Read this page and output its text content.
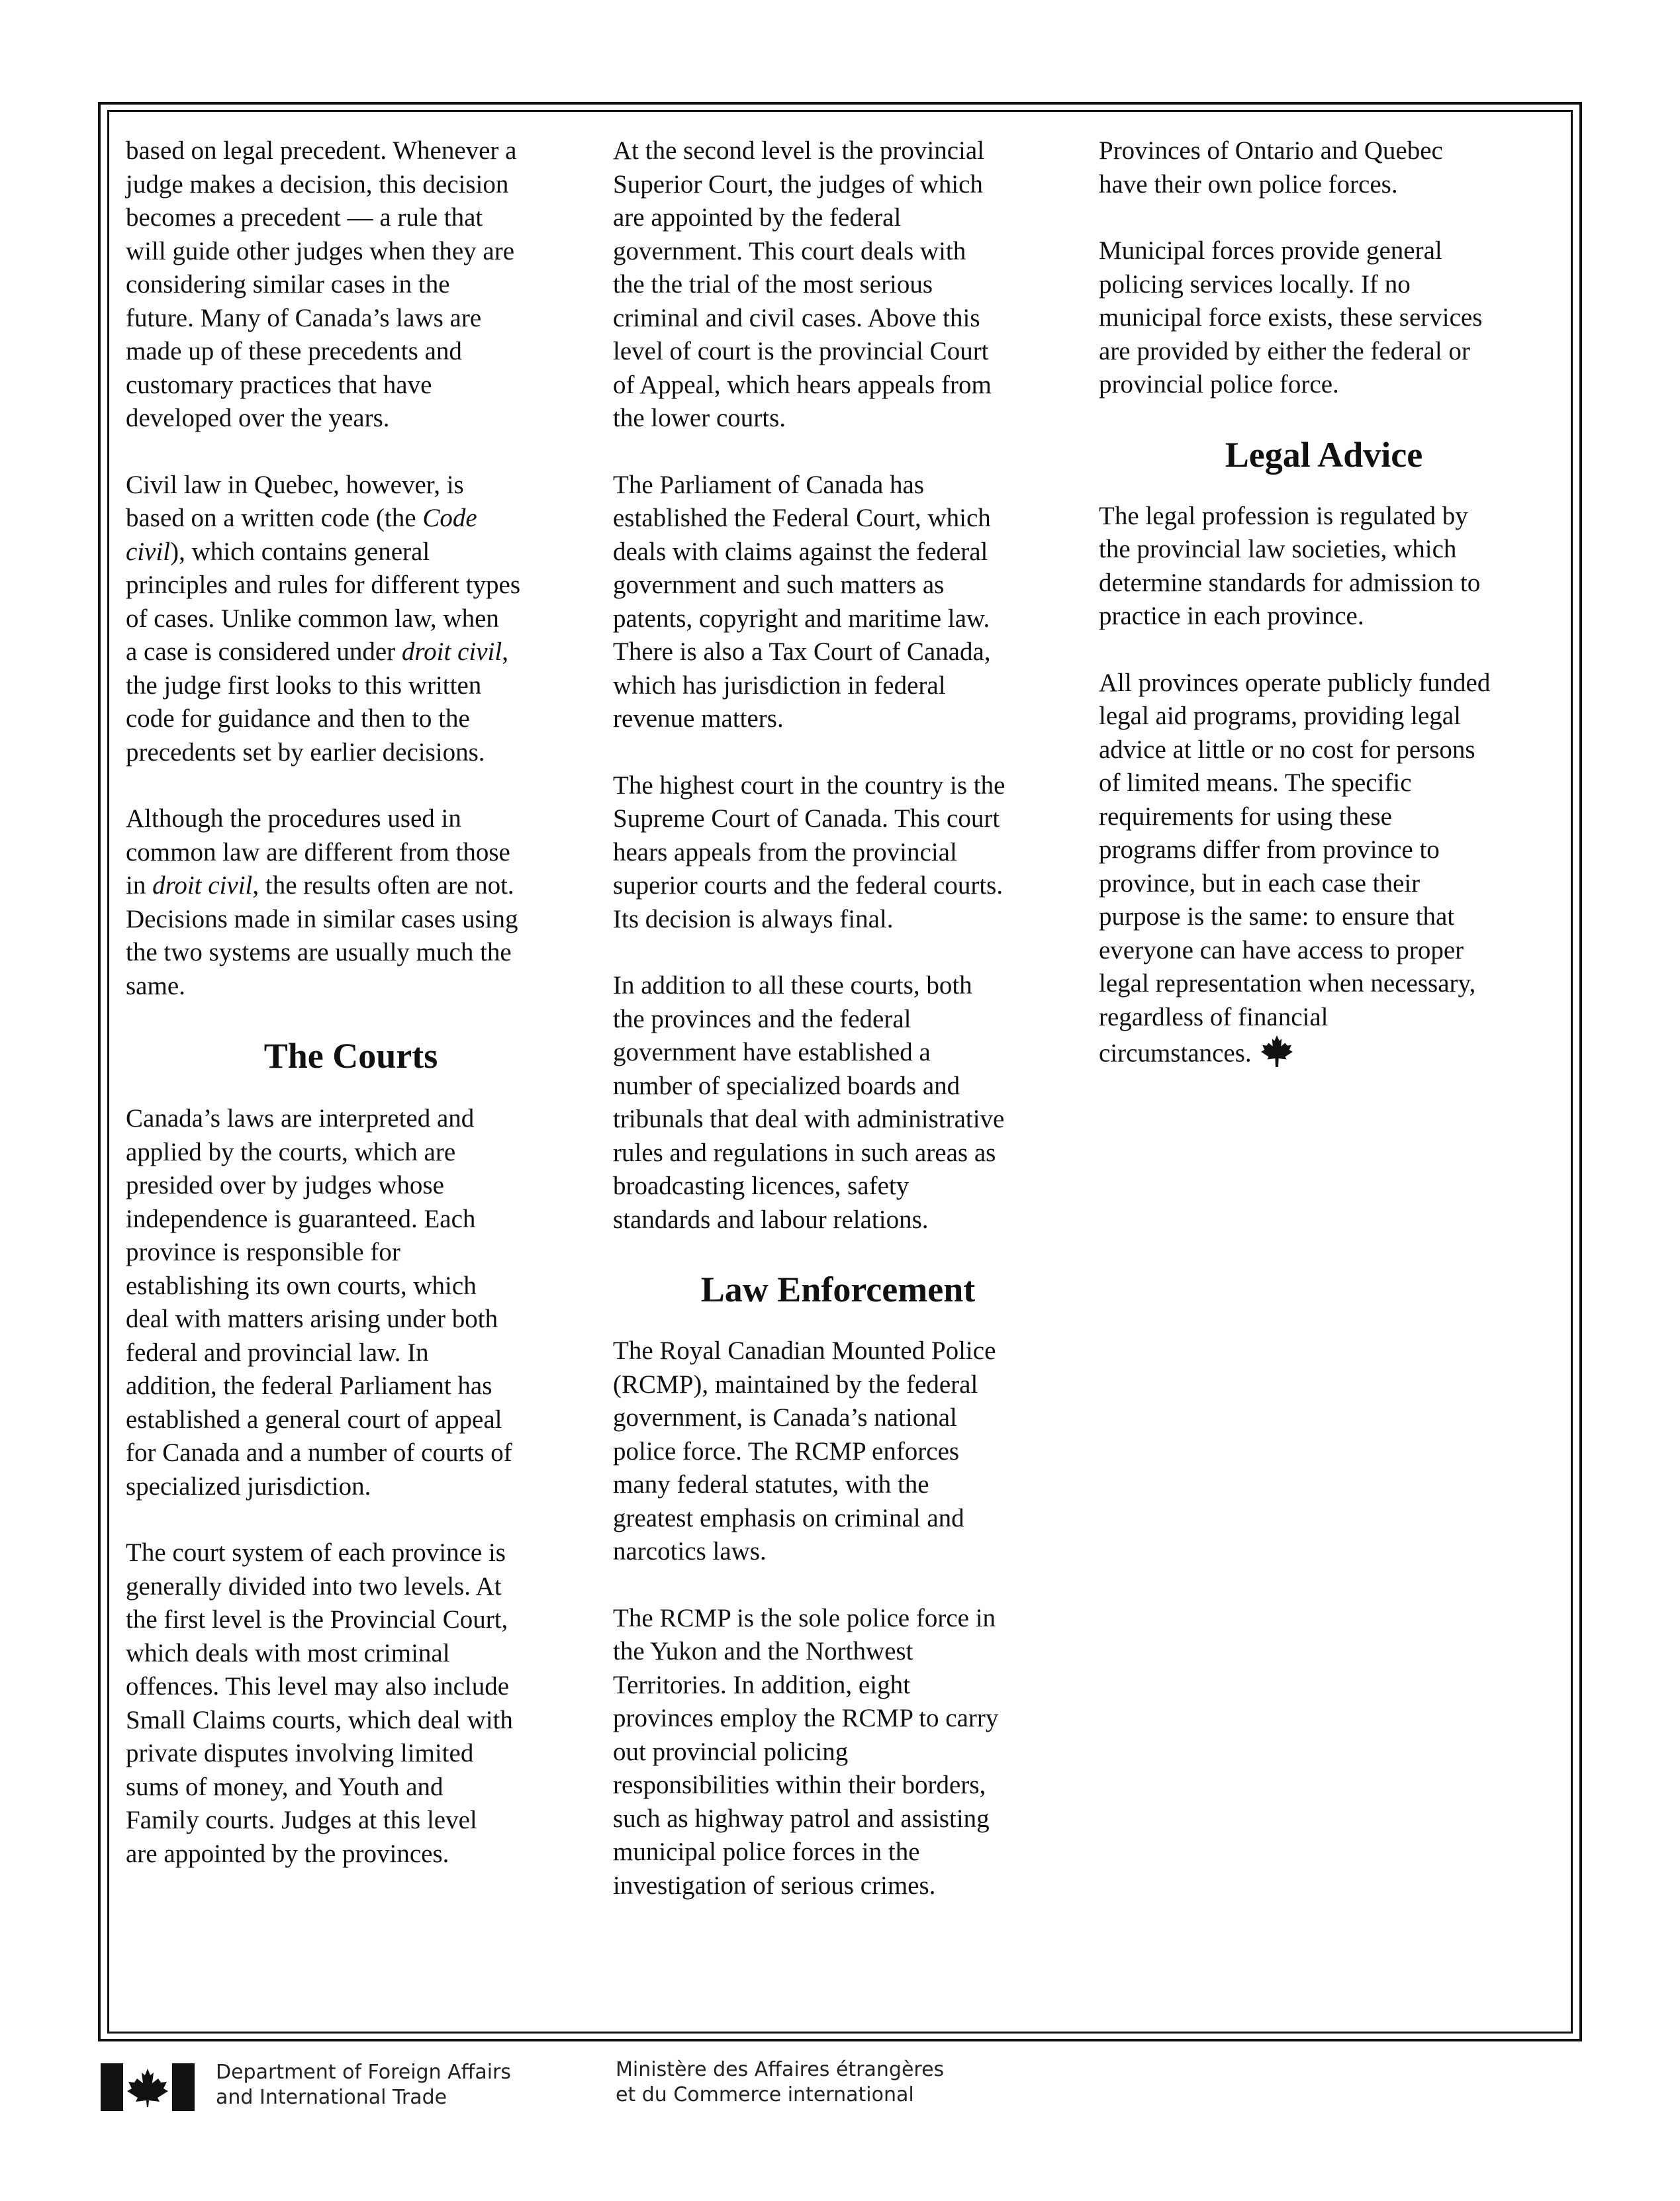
based on legal precedent. Whenever a
judge makes a decision, this decision
becomes a precedent — a rule that
will guide other judges when they are
considering similar cases in the
future. Many of Canada’s laws are
made up of these precedents and
customary practices that have
developed over the years.

Civil law in Quebec, however, is
based on a written code (the Code
civil), which contains general
principles and rules for different types
of cases. Unlike common law, when
a case is considered under droit civil,
the judge first looks to this written
code for guidance and then to the
precedents set by earlier decisions.

Although the procedures used in
common law are different from those
in droit civil, the results often are not.
Decisions made in similar cases using
the two systems are usually much the
same.

The Courts

Canada’s laws are interpreted and
applied by the courts, which are
presided over by judges whose
independence is guaranteed. Each
province is responsible for
establishing its own courts, which
deal with matters arising under both
federal and provincial law. In
addition, the federal Parliament has
established a general court of appeal
for Canada and a number of courts of
specialized jurisdiction.

The court system of each province is
generally divided into two levels. At
the first level is the Provincial Court,
which deals with most criminal
offences. This level may also include
Small Claims courts, which deal with
private disputes involving limited
sums of money, and Youth and
Family courts. Judges at this level
are appointed by the provinces.

At the second level is the provincial
Superior Court, the judges of which
are appointed by the federal
government. This court deals with
the the trial of the most serious
criminal and civil cases. Above this
level of court is the provincial Court
of Appeal, which hears appeals from
the lower courts.

The Parliament of Canada has
established the Federal Court, which
deals with claims against the federal
government and such matters as
patents, copyright and maritime law.
There is also a Tax Court of Canada,
which has jurisdiction in federal
revenue matters.

The highest court in the country is the
Supreme Court of Canada. This court
hears appeals from the provincial
superior courts and the federal courts.
Its decision is always final.

In addition to all these courts, both
the provinces and the federal
government have established a
number of specialized boards and
tribunals that deal with administrative
rules and regulations in such areas as
broadcasting licences, safety
standards and labour relations.

Law Enforcement

The Royal Canadian Mounted Police
(RCMP), maintained by the federal
government, is Canada’s national
police force. The RCMP enforces
many federal statutes, with the
greatest emphasis on criminal and
narcotics laws.

The RCMP is the sole police force in
the Yukon and the Northwest
Territories. In addition, eight
provinces employ the RCMP to carry
out provincial policing
responsibilities within their borders,
such as highway patrol and assisting
municipal police forces in the
investigation of serious crimes.

Provinces of Ontario and Quebec
have their own police forces.

Municipal forces provide general
policing services locally. If no
municipal force exists, these services
are provided by either the federal or
provincial police force.

Legal Advice

The legal profession is regulated by
the provincial law societies, which
determine standards for admission to
practice in each province.

All provinces operate publicly funded
legal aid programs, providing legal
advice at little or no cost for persons
of limited means. The specific
requirements for using these
programs differ from province to
province, but in each case their
purpose is the same: to ensure that
everyone can have access to proper
legal representation when necessary,
regardless of financial
circumstances.

Department of Foreign Affairs
and International Trade
Ministère des Affaires étrangères
et du Commerce international
